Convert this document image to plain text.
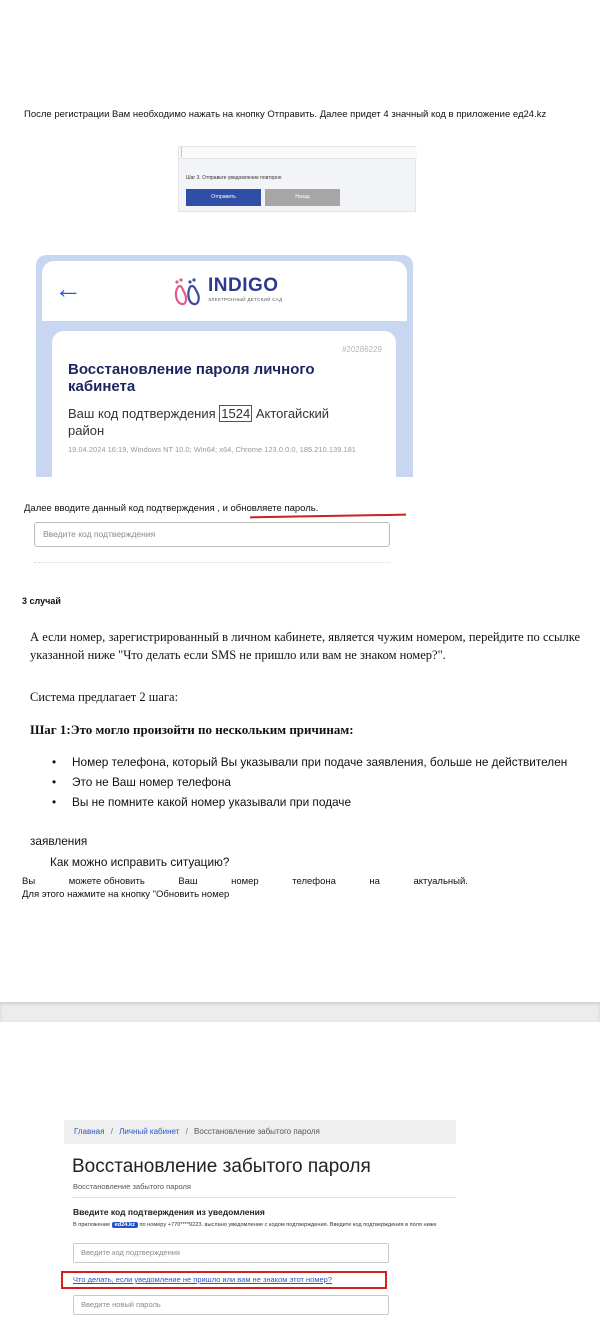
После регистрации Вам необходимо нажать на кнопку Отправить. Далее придет 4 значный код в приложение ед24.kz

Шаг 3. Отправьте уведомление повторно
Отправить	Назад
←	INDIGO
ЭЛЕКТРОННЫЙ ДЕТСКИЙ САД
#20286229
Восстановление пароля личного кабинета
Ваш код подтверждения 1524 Актогайский район
19.04.2024 16:19, Windows NT 10.0; Win64; x64, Chrome 123.0.0.0, 185.210.139.181

Далее вводите данный код подтверждения , и обновляете пароль.

Введите код подтверждения

3 случай

А если номер, зарегистрированный в личном кабинете, является чужим номером, перейдите по ссылке указанной ниже "Что делать если SMS не пришло или вам не знаком номер?".

Система предлагает 2 шага:

Шаг 1:Это могло произойти по нескольким причинам:

• Номер телефона, который Вы указывали при подаче заявления, больше не действителен
• Это не Ваш номер телефона
• Вы не помните какой номер указывали при подаче

заявления

Как можно исправить ситуацию?

Вы	можете обновить	Ваш	номер	телефона	на	актуальный.

Для этого нажмите на кнопку "Обновить номер

Главная / Личный кабинет / Восстановление забытого пароля
Восстановление забытого пароля

Восстановление забытого пароля

Введите код подтверждения из уведомления

В приложение ed24.kz по номеру +770****9223. выслано уведомление с кодом подтверждения. Введите код подтверждения в поля ниже

Введите код подтверждения
Что делать, если уведомление не пришло или вам не знаком этот номер?
Введите новый пароль
